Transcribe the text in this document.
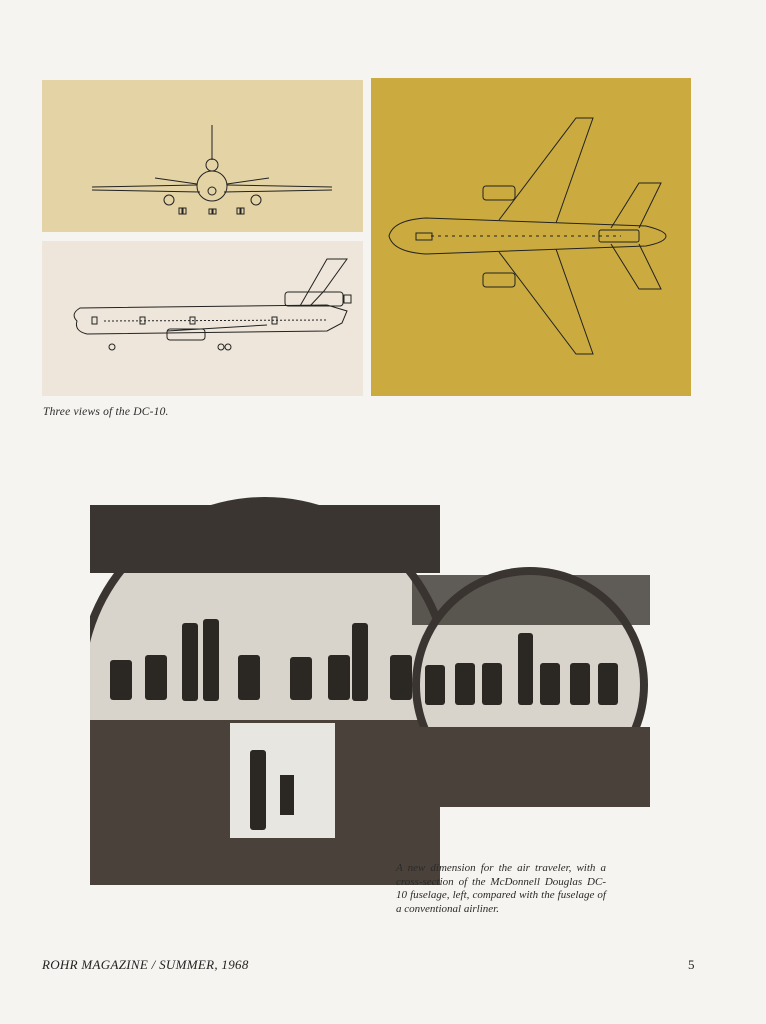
Three views of the DC-10.
A new dimension for the air traveler, with a cross-section of the McDonnell Douglas DC-10 fuselage, left, compared with the fuselage of a conventional airliner.
ROHR MAGAZINE / SUMMER, 1968	5
